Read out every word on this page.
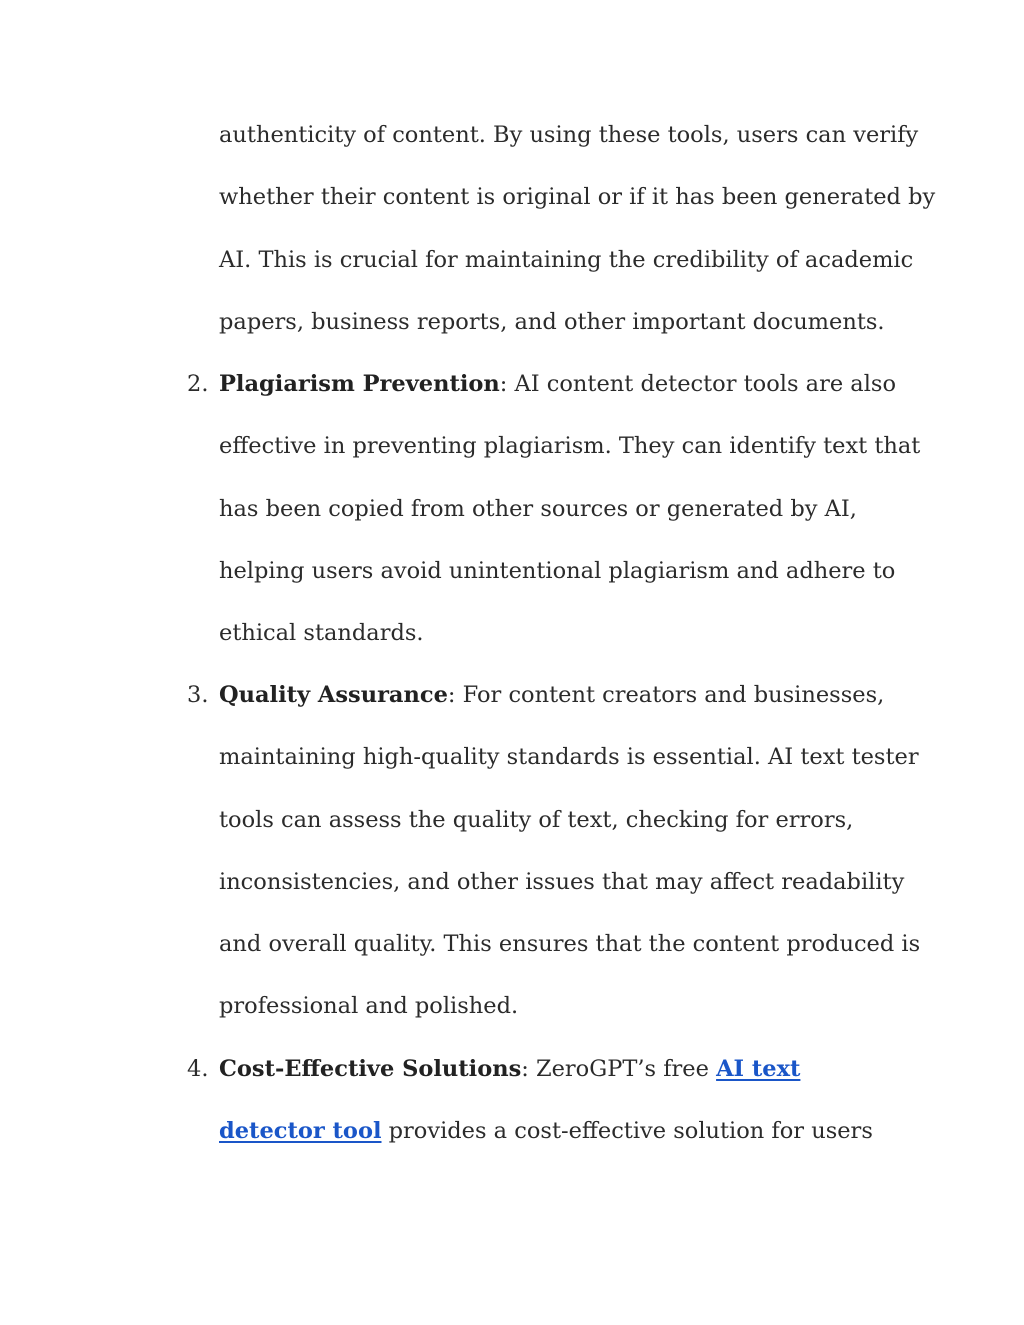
authenticity of content. By using these tools, users can verify
whether their content is original or if it has been generated by
AI. This is crucial for maintaining the credibility of academic
papers, business reports, and other important documents.
2. Plagiarism Prevention: AI content detector tools are also
effective in preventing plagiarism. They can identify text that
has been copied from other sources or generated by AI,
helping users avoid unintentional plagiarism and adhere to
ethical standards.
3. Quality Assurance: For content creators and businesses,
maintaining high-quality standards is essential. AI text tester
tools can assess the quality of text, checking for errors,
inconsistencies, and other issues that may affect readability
and overall quality. This ensures that the content produced is
professional and polished.
4. Cost-Effective Solutions: ZeroGPT’s free AI text
detector tool provides a cost-effective solution for users
